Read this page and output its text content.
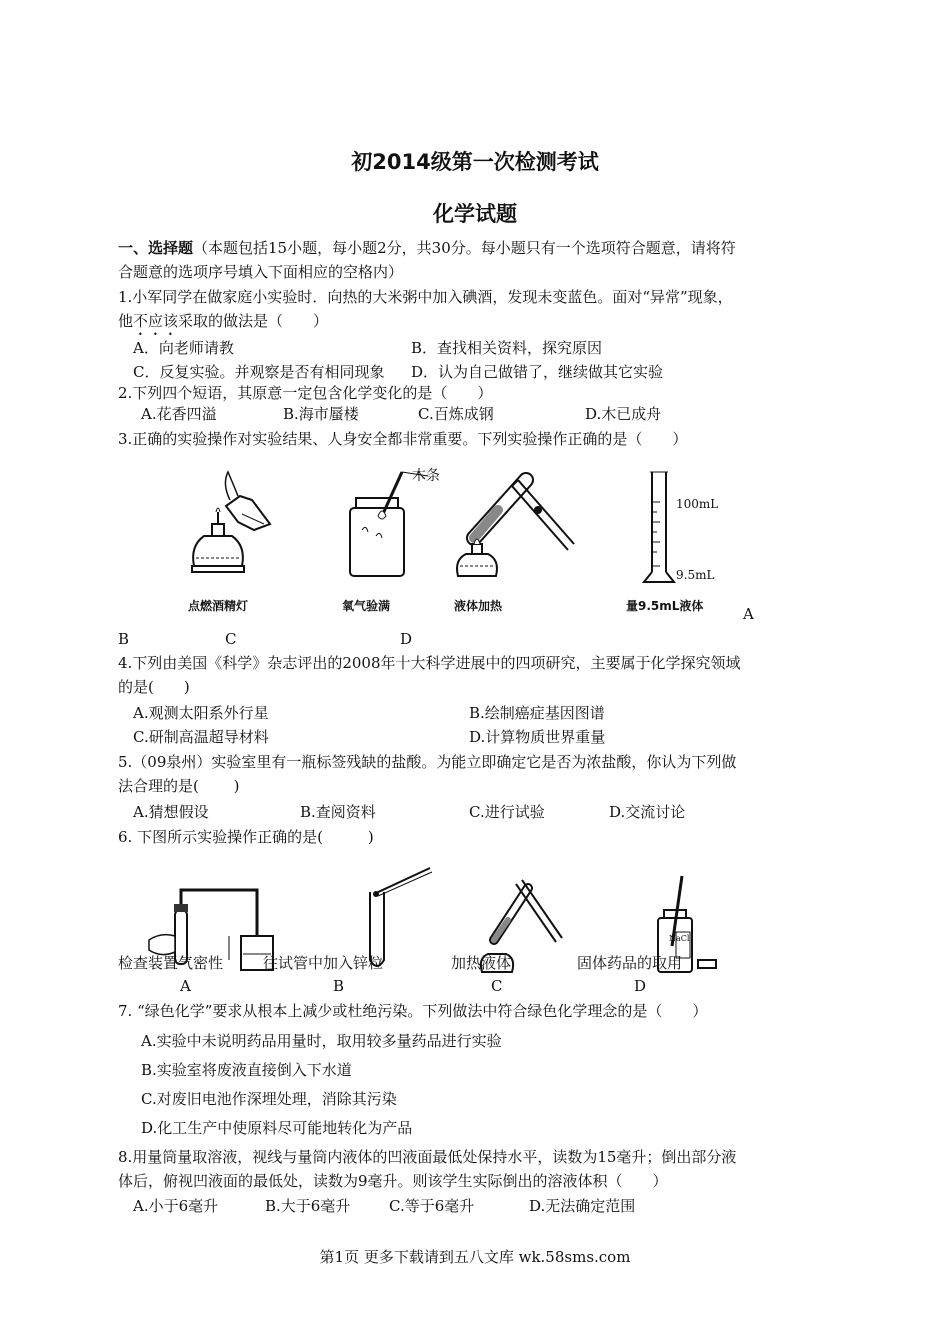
初2014级第一次检测考试
化学试题
一、选择题（本题包括15小题，每小题2分，共30分。每小题只有一个选项符合题意，请将符
合题意的选项序号填入下面相应的空格内）
1.小军同学在做家庭小实验时．向热的大米粥中加入碘酒，发现未变蓝色。面对“异常”现象，
他不应该采取的做法是（　　）
A．向老师请教	B．查找相关资料，探究原因
C．反复实验。并观察是否有相同现象 D．认为自己做错了，继续做其它实验
2.下列四个短语，其原意一定包含化学变化的是（　　）
A.花香四溢	B.海市蜃楼	C.百炼成钢	D.木已成舟
3.正确的实验操作对实验结果、人身安全都非常重要。下列实验操作正确的是（　　）
点燃酒精灯
木条
氧气验满	液体加热
100mL
9.5mL
量9.5mL液体	A
B	C	D
4.下列由美国《科学》杂志评出的2008年十大科学进展中的四项研究，主要属于化学探究领域
的是(　　)
A.观测太阳系外行星	B.绘制癌症基因图谱
C.研制高温超导材料	D.计算物质世界重量
5.（09泉州）实验室里有一瓶标签残缺的盐酸。为能立即确定它是否为浓盐酸，你认为下列做
法合理的是(　　 )
A.猜想假设	B.查阅资料	C.进行试验	D.交流讨论
6. 下图所示实验操作正确的是(　　　)
NaCl
检查装置气密性	往试管中加入锌粒	加热液体	固体药品的取用
A	B	C	D
7. “绿色化学”要求从根本上减少或杜绝污染。下列做法中符合绿色化学理念的是（　　）
A.实验中未说明药品用量时，取用较多量药品进行实验
B.实验室将废液直接倒入下水道
C.对废旧电池作深埋处理，消除其污染
D.化工生产中使原料尽可能地转化为产品
8.用量筒量取溶液，视线与量筒内液体的凹液面最低处保持水平，读数为15毫升；倒出部分液
体后，俯视凹液面的最低处，读数为9毫升。则该学生实际倒出的溶液体积（　　）
A.小于6毫升	B.大于6毫升	C.等于6毫升	D.无法确定范围
第1页 更多下载请到五八文库 wk.58sms.com
